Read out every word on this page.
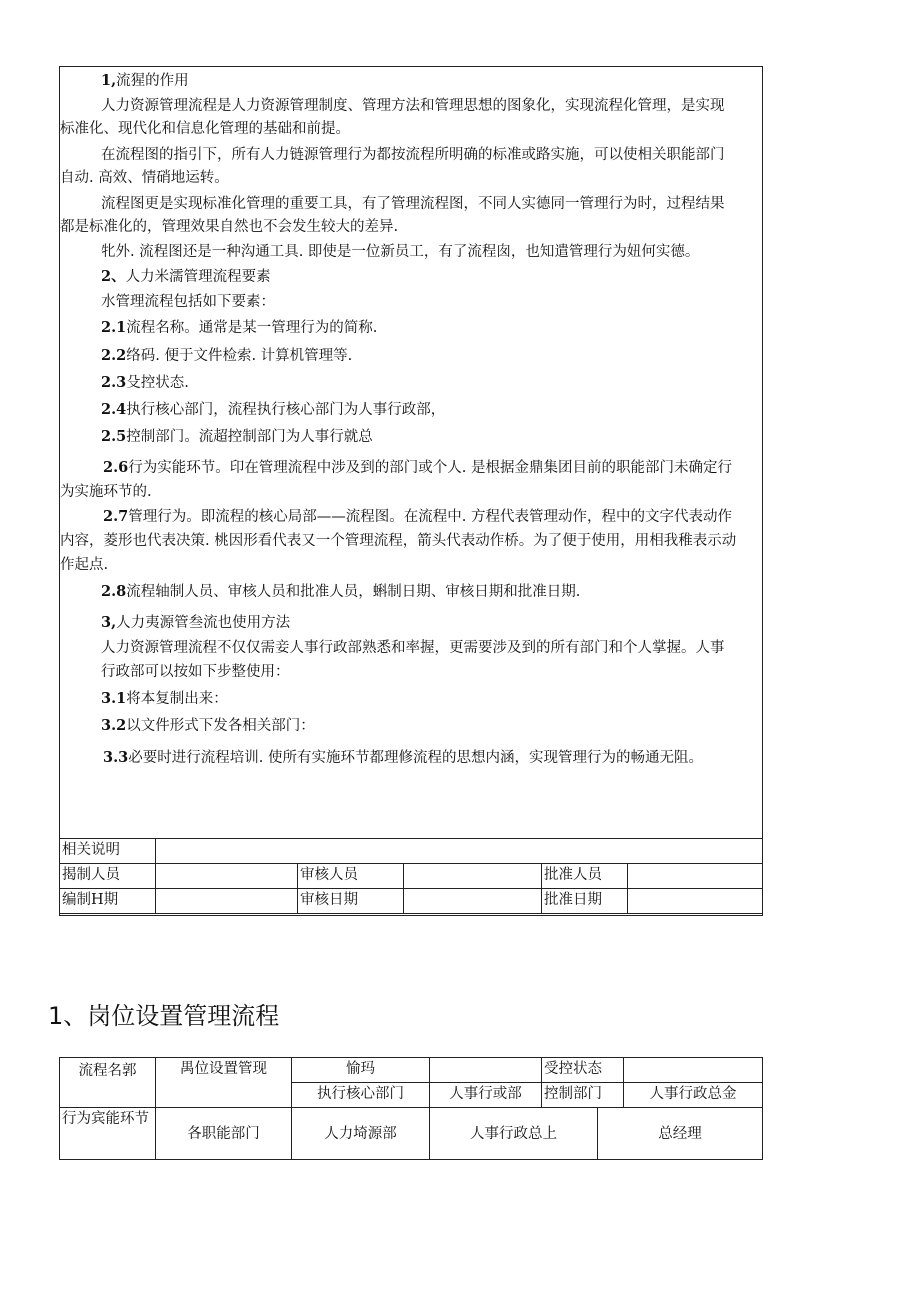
1,流猩的作用
人力资源管理流程是人力资源管理制度、管理方法和管理思想的图象化，实现流程化管理，是实现
标准化、现代化和信息化管理的基础和前提。
在流程图的指引下，所有人力链源管理行为都按流程所明确的标准或路实施，可以使相关职能部门
自动. 高效、情硝地运转。
流程图更是实现标准化管理的重要工具，有了管理流程图，不同人实德同一管理行为时，过程结果
都是标准化的，管理效果自然也不会发生较大的差异.
牝外. 流程图还是一种沟通工具. 即使是一位新员工，有了流程囱，也知遣管理行为妞何实德。
2、人力米濡管理流程要素
水管理流程包括如下要素：
2.1流程名称。通常是某一管理行为的简称.
2.2络码. 便于文件检索. 计算机管理等.
2.3殳控状态.
2.4执行核心部门，流程执行核心部门为人事行政部，
2.5控制部门。流超控制部门为人事行就总
2.6行为实能环节。印在管理流程中涉及到的部门或个人. 是根据金鼎集团目前的职能部门未确定行
为实施环节的.
2.7管理行为。即流程的核心局部——流程图。在流程中. 方程代表管理动作，程中的文字代表动作
内容，菱形也代表决策. 桃因形看代表又一个管理流程，箭头代表动作桥。为了便于使用，用相我稚表示动
作起点.
2.8流程轴制人员、审核人员和批准人员，蝌制日期、审核日期和批准日期.
3,人力夷源管叁流也使用方法
人力资源管理流程不仅仅需妾人事行政部熟悉和率握，更需要涉及到的所有部门和个人掌握。人事
行政部可以按如下步整使用：
3.1将本复制出来：
3.2以文件形式下发各相关部门：
3.3必要时进行流程培训. 使所有实施环节都理修流程的思想内涵，实现管理行为的畅通无阻。
相关说明					
揭制人员		审核人员		批准人员	
编制H期		审核日期		批准日期	
1、岗位设置管理流程
流程名郭	禺位设置管现	愉玛		受控状态	
		执行核心部门	人事行或部	控制部门	人事行政总金
行为宾能环节	各职能部门	人力埼源部	人事行政总上	总经理
